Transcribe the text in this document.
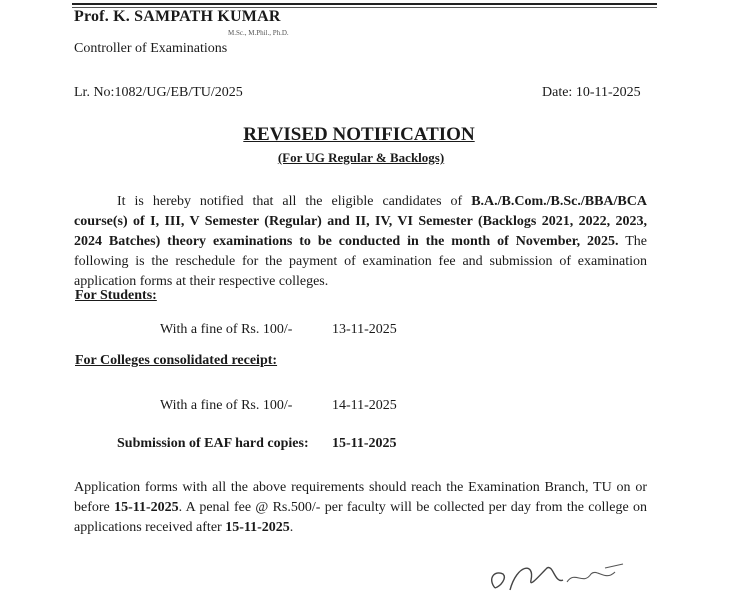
Prof. K. SAMPATH KUMAR
M.Sc., M.Phil., Ph.D.
Controller of Examinations
Lr. No:1082/UG/EB/TU/2025	Date: 10-11-2025
REVISED NOTIFICATION
(For UG Regular & Backlogs)
It is hereby notified that all the eligible candidates of B.A./B.Com./B.Sc./BBA/BCA course(s) of I, III, V Semester (Regular) and II, IV, VI Semester (Backlogs 2021, 2022, 2023, 2024 Batches) theory examinations to be conducted in the month of November, 2025. The following is the reschedule for the payment of examination fee and submission of examination application forms at their respective colleges.
For Students:
With a fine of Rs. 100/-	13-11-2025
For Colleges consolidated receipt:
With a fine of Rs. 100/-	14-11-2025
Submission of EAF hard copies: 15-11-2025
Application forms with all the above requirements should reach the Examination Branch, TU on or before 15-11-2025. A penal fee @ Rs.500/- per faculty will be collected per day from the college on applications received after 15-11-2025.
